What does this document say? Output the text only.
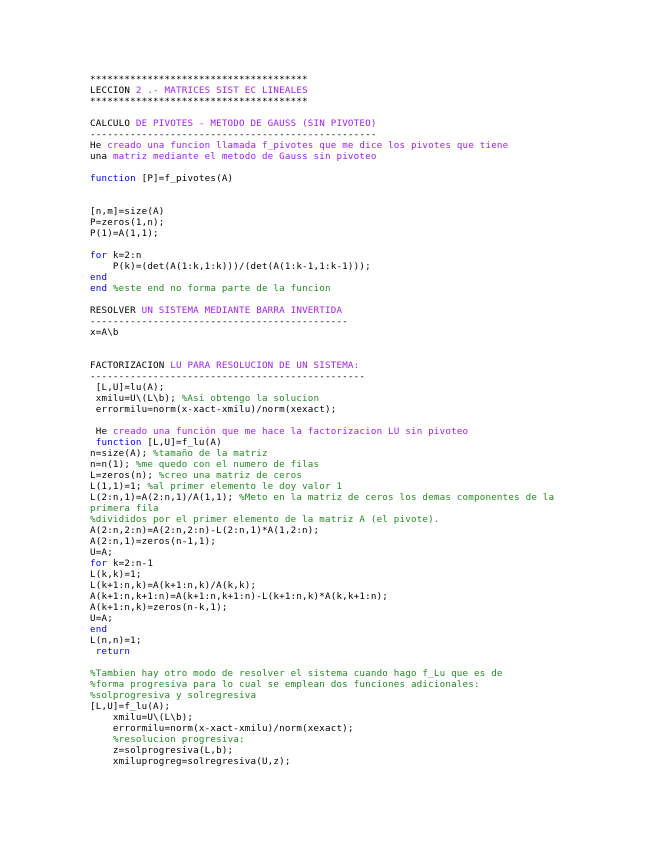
**************************************
LECCION 2 .- MATRICES SIST EC LINEALES
**************************************
CALCULO DE PIVOTES - METODO DE GAUSS (SIN PIVOTEO)
--------------------------------------------------
He creado una funcion llamada f_pivotes que me dice los pivotes que tiene
una matriz mediante el metodo de Gauss sin pivoteo
function [P]=f_pivotes(A)
[n,m]=size(A)
P=zeros(1,n);
P(1)=A(1,1);
for k=2:n
P(k)=(det(A(1:k,1:k)))/(det(A(1:k-1,1:k-1)));
end
end %este end no forma parte de la funcion
RESOLVER UN SISTEMA MEDIANTE BARRA INVERTIDA
---------------------------------------------
x=A\b
FACTORIZACION LU PARA RESOLUCION DE UN SISTEMA:
------------------------------------------------
[L,U]=lu(A);
xmilu=U\(L\b); %Asi obtengo la solucion
errormilu=norm(x-xact-xmilu)/norm(xexact);
He creado una función que me hace la factorizacion LU sin pivoteo
function [L,U]=f_lu(A)
n=size(A); %tamaño de la matriz
n=n(1); %me quedo con el numero de filas
L=zeros(n); %creo una matriz de ceros
L(1,1)=1; %al primer elemento le doy valor 1
L(2:n,1)=A(2:n,1)/A(1,1); %Meto en la matriz de ceros los demas componentes de la
primera fila
%divididos por el primer elemento de la matriz A (el pivote).
A(2:n,2:n)=A(2:n,2:n)-L(2:n,1)*A(1,2:n);
A(2:n,1)=zeros(n-1,1);
U=A;
for k=2:n-1
L(k,k)=1;
L(k+1:n,k)=A(k+1:n,k)/A(k,k);
A(k+1:n,k+1:n)=A(k+1:n,k+1:n)-L(k+1:n,k)*A(k,k+1:n);
A(k+1:n,k)=zeros(n-k,1);
U=A;
end
L(n,n)=1;
return
%Tambien hay otro modo de resolver el sistema cuando hago f_Lu que es de
%forma progresiva para lo cual se emplean dos funciones adicionales:
%solprogresiva y solregresiva
[L,U]=f_lu(A);
xmilu=U\(L\b);
errormilu=norm(x-xact-xmilu)/norm(xexact);
%resolucion progresiva:
z=solprogresiva(L,b);
xmiluprogreg=solregresiva(U,z);
